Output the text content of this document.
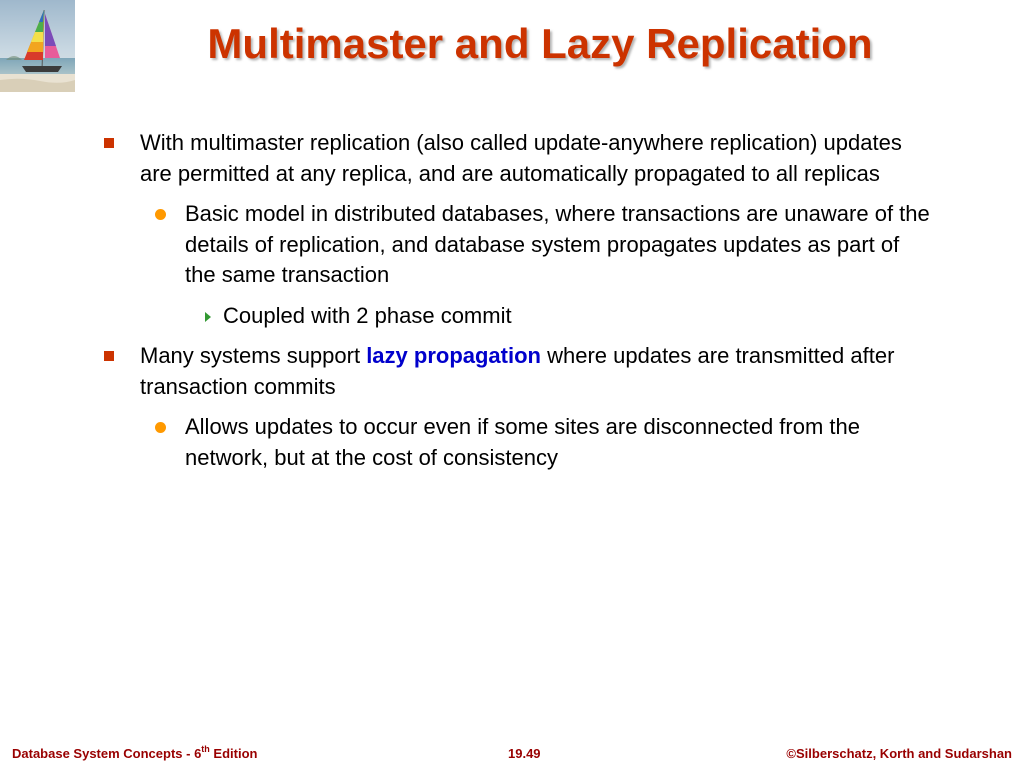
Multimaster and Lazy Replication
With multimaster replication (also called update-anywhere replication) updates are permitted at any replica, and are automatically propagated to all replicas
Basic model in distributed databases, where transactions are unaware of the details of replication, and database system propagates updates as part of the same transaction
Coupled with 2 phase commit
Many systems support lazy propagation where updates are transmitted after transaction commits
Allows updates to occur even if some sites are disconnected from the network, but at the cost of consistency
Database System Concepts - 6th Edition	19.49	©Silberschatz, Korth and Sudarshan
